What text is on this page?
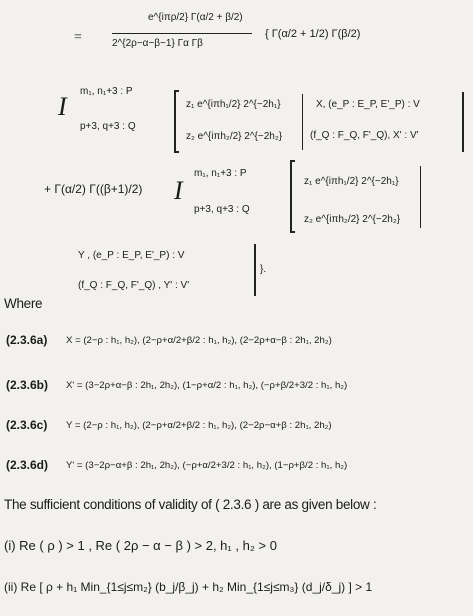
=
e^{iπρ/2} Γ(α/2 + β/2)
2^{2ρ−α−β−1} Γα Γβ
{ Γ(α/2 + 1/2) Γ(β/2)
I
m₁, n₁+3 : P
p+3, q+3 : Q
z₁ e^{iπh₁/2} 2^{−2h₁}
z₂ e^{iπh₂/2} 2^{−2h₂}
X, (e_P : E_P, E'_P) : V
(f_Q : F_Q, F'_Q), X' : V'
+ Γ(α/2) Γ((β+1)/2) I
m₁, n₁+3 : P
p+3, q+3 : Q
z₁ e^{iπh₁/2} 2^{−2h₁}
z₂ e^{iπh₂/2} 2^{−2h₂}
Y , (e_P : E_P, E'_P) : V
(f_Q : F_Q, F'_Q) , Y' : V'
}.
Where
(2.3.6a) X = (2−ρ : h₁, h₂), (2−ρ+α/2+β/2 : h₁, h₂), (2−2ρ+α−β : 2h₁, 2h₂)
(2.3.6b) X' = (3−2ρ+α−β : 2h₁, 2h₂), (1−ρ+α/2 : h₁, h₂), (−ρ+β/2+3/2 : h₁, h₂)
(2.3.6c) Y = (2−ρ : h₁, h₂), (2−ρ+α/2+β/2 : h₁, h₂), (2−2ρ−α+β : 2h₁, 2h₂)
(2.3.6d) Y' = (3−2ρ−α+β : 2h₁, 2h₂), (−ρ+α/2+3/2 : h₁, h₂), (1−ρ+β/2 : h₁, h₂)
The sufficient conditions of validity of ( 2.3.6 ) are as given below :
(i) Re ( ρ ) > 1 , Re ( 2ρ − α − β ) > 2, h₁ , h₂ > 0
(ii) Re [ ρ + h₁ Min_{1≤j≤m₂} (b_j/β_j) + h₂ Min_{1≤j≤m₃} (d_j/δ_j) ] > 1
